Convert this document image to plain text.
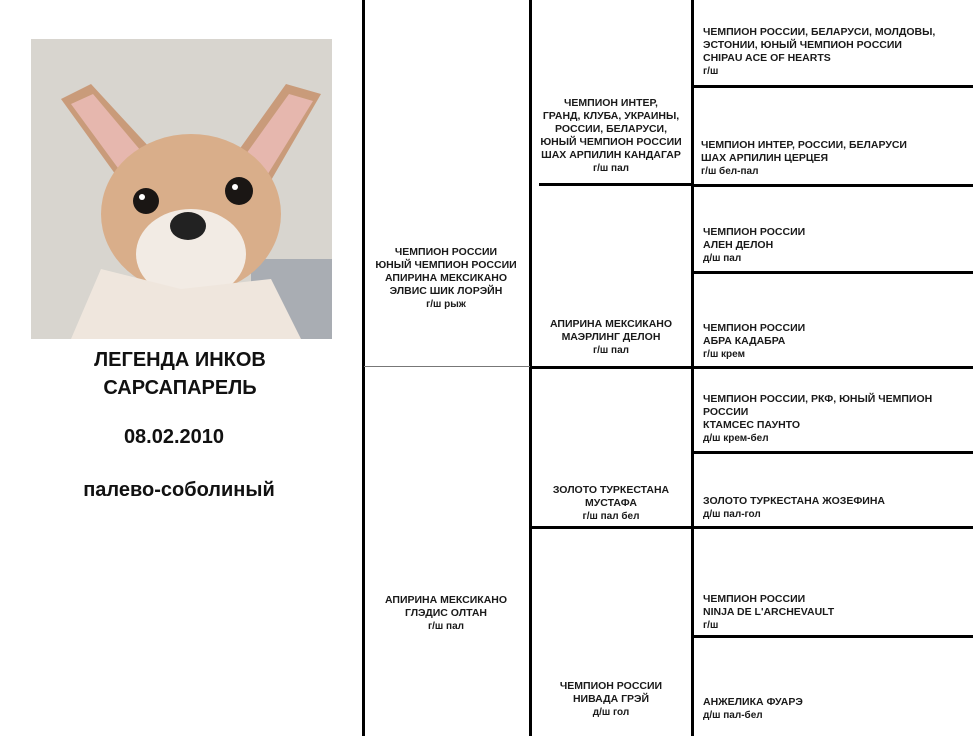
ЛЕГЕНДА ИНКОВ
САРСАПАРЕЛЬ
08.02.2010
палево-соболиный
ЧЕМПИОН РОССИИ
ЮНЫЙ ЧЕМПИОН РОССИИ
АПИРИНА МЕКСИКАНО
ЭЛВИС ШИК ЛОРЭЙН
г/ш рыж
АПИРИНА МЕКСИКАНО
ГЛЭДИС ОЛТАН
г/ш пал
ЧЕМПИОН ИНТЕР,
ГРАНД, КЛУБА, УКРАИНЫ,
РОССИИ, БЕЛАРУСИ,
ЮНЫЙ ЧЕМПИОН РОССИИ
ШАХ АРПИЛИН КАНДАГАР
г/ш пал
АПИРИНА МЕКСИКАНО
МАЭРЛИНГ ДЕЛОН
г/ш пал
ЗОЛОТО ТУРКЕСТАНА
МУСТАФА
г/ш пал бел
ЧЕМПИОН РОССИИ
НИВАДА ГРЭЙ
д/ш гол
ЧЕМПИОН РОССИИ, БЕЛАРУСИ, МОЛДОВЫ,
ЭСТОНИИ, ЮНЫЙ ЧЕМПИОН РОССИИ
CHIPAU ACE OF HEARTS
г/ш
ЧЕМПИОН ИНТЕР, РОССИИ, БЕЛАРУСИ
ШАХ АРПИЛИН ЦЕРЦЕЯ
г/ш бел-пал
ЧЕМПИОН РОССИИ
АЛЕН ДЕЛОН
д/ш пал
ЧЕМПИОН РОССИИ
АБРА КАДАБРА
г/ш крем
ЧЕМПИОН РОССИИ, РКФ, ЮНЫЙ ЧЕМПИОН
РОССИИ
КТАМСЕС ПАУНТО
д/ш крем-бел
ЗОЛОТО ТУРКЕСТАНА ЖОЗЕФИНА
д/ш пал-гол
ЧЕМПИОН РОССИИ
NINJA DE L'ARCHEVAULT
г/ш
АНЖЕЛИКА ФУАРЭ
д/ш пал-бел
